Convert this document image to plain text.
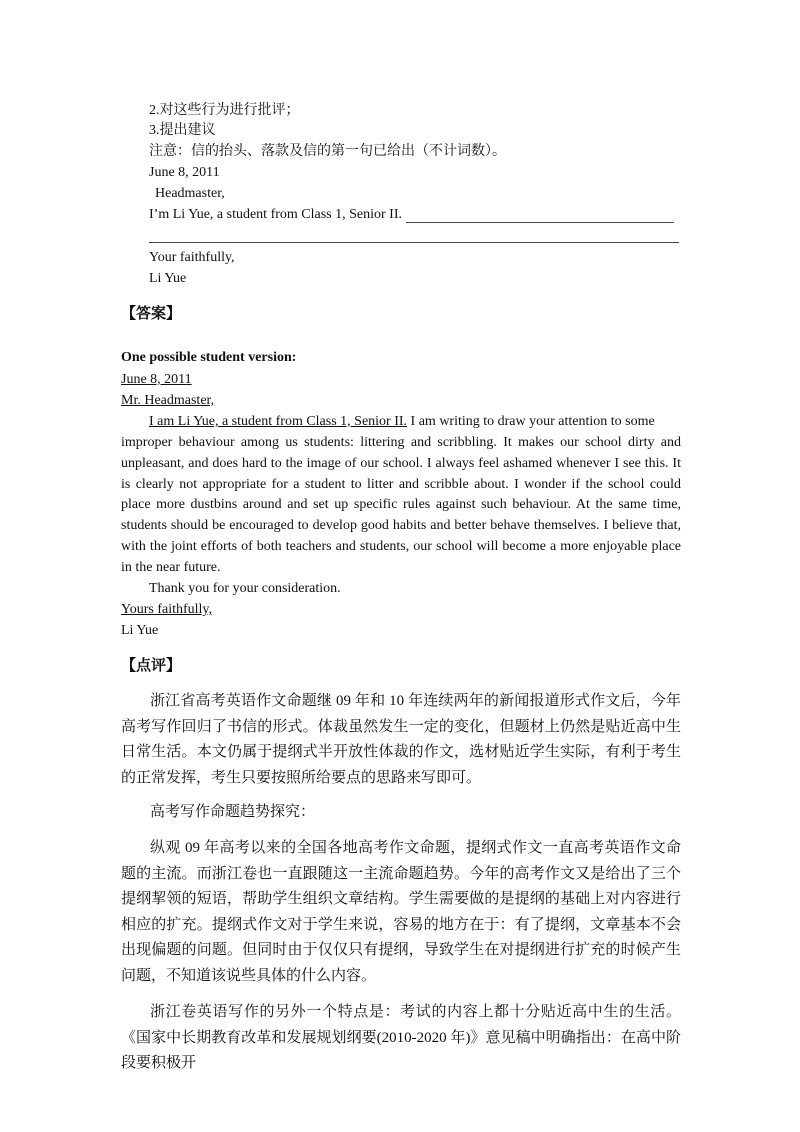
2.对这些行为进行批评；
3.提出建议
注意：信的抬头、落款及信的第一句已给出（不计词数）。
June 8, 2011
Headmaster,
I’m Li Yue, a student from Class 1, Senior II.
Your faithfully,
Li Yue
【答案】
One possible student version:
June 8, 2011
Mr. Headmaster,
I am Li Yue, a student from Class 1, Senior II. I am writing to draw your attention to some
improper behaviour among us students: littering and scribbling. It makes our school dirty and
unpleasant, and does hard to the image of our school. I always feel ashamed whenever I see this. It
is clearly not appropriate for a student to litter and scribble about. I wonder if the school could
place more dustbins around and set up specific rules against such behaviour. At the same time,
students should be encouraged to develop good habits and better behave themselves. I believe that,
with the joint efforts of both teachers and students, our school will become a more enjoyable place
in the near future.
Thank you for your consideration.
Yours faithfully,
Li Yue
【点评】
浙江省高考英语作文命题继 09 年和 10 年连续两年的新闻报道形式作文后，今年高考写作回归了书信的形式。体裁虽然发生一定的变化，但题材上仍然是贴近高中生日常生活。本文仍属于提纲式半开放性体裁的作文，选材贴近学生实际，有利于考生的正常发挥，考生只要按照所给要点的思路来写即可。
高考写作命题趋势探究：
纵观 09 年高考以来的全国各地高考作文命题，提纲式作文一直高考英语作文命题的主流。而浙江卷也一直跟随这一主流命题趋势。今年的高考作文又是给出了三个提纲挈领的短语，帮助学生组织文章结构。学生需要做的是提纲的基础上对内容进行相应的扩充。提纲式作文对于学生来说，容易的地方在于：有了提纲，文章基本不会出现偏题的问题。但同时由于仅仅只有提纲，导致学生在对提纲进行扩充的时候产生问题，不知道该说些具体的什么内容。
浙江卷英语写作的另外一个特点是：考试的内容上都十分贴近高中生的生活。《国家中长期教育改革和发展规划纲要(2010-2020 年)》意见稿中明确指出：在高中阶段要积极开
